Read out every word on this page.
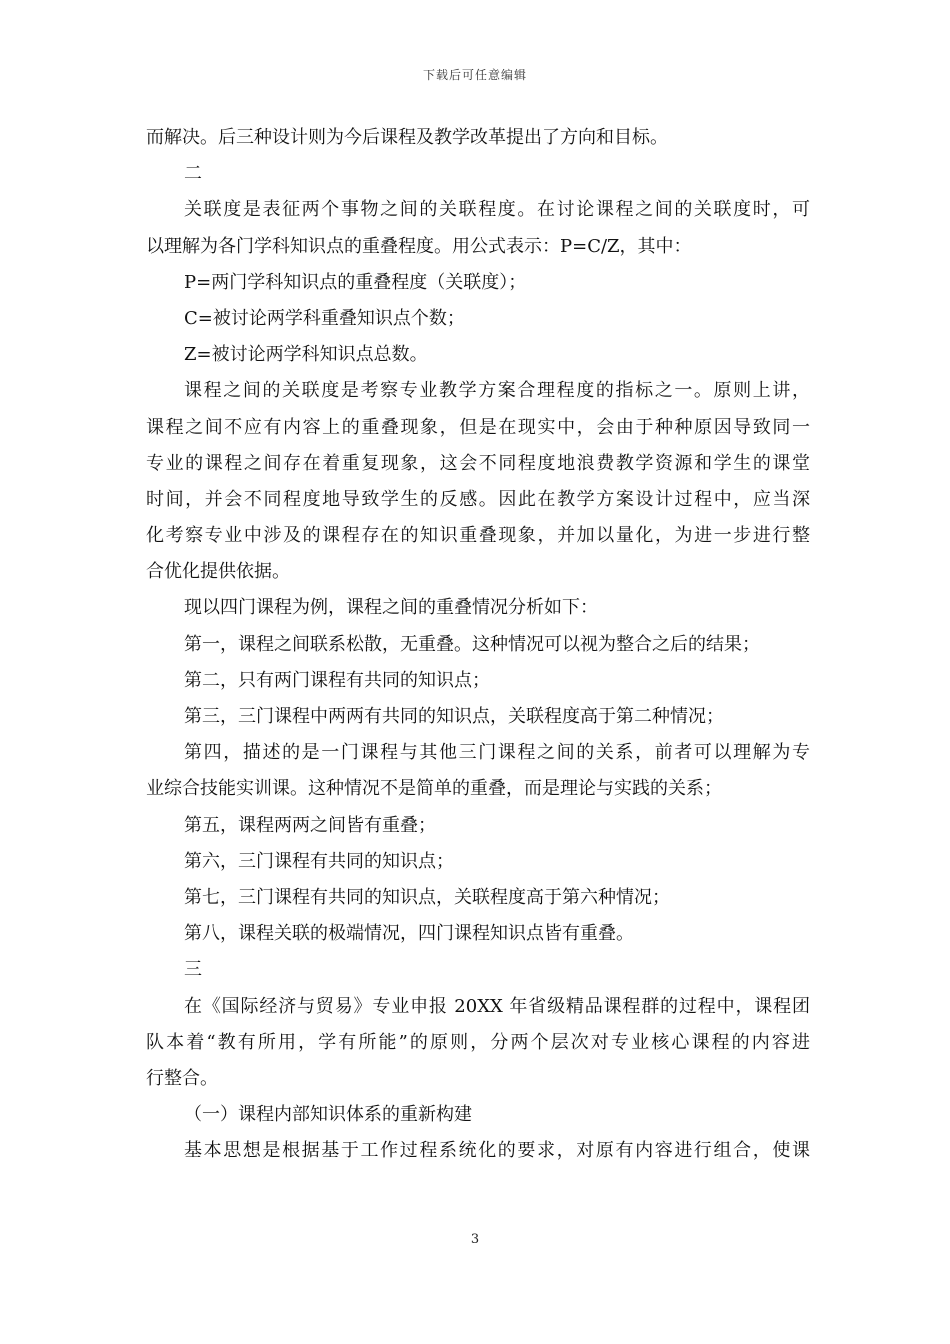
下载后可任意编辑
而解决。后三种设计则为今后课程及教学改革提出了方向和目标。
二
关联度是表征两个事物之间的关联程度。在讨论课程之间的关联度时，可
以理解为各门学科知识点的重叠程度。用公式表示：P=C/Z，其中：
P=两门学科知识点的重叠程度（关联度）；
C=被讨论两学科重叠知识点个数；
Z=被讨论两学科知识点总数。
课程之间的关联度是考察专业教学方案合理程度的指标之一。原则上讲，
课程之间不应有内容上的重叠现象，但是在现实中，会由于种种原因导致同一
专业的课程之间存在着重复现象，这会不同程度地浪费教学资源和学生的课堂
时间，并会不同程度地导致学生的反感。因此在教学方案设计过程中，应当深
化考察专业中涉及的课程存在的知识重叠现象，并加以量化，为进一步进行整
合优化提供依据。
现以四门课程为例，课程之间的重叠情况分析如下：
第一，课程之间联系松散，无重叠。这种情况可以视为整合之后的结果；
第二，只有两门课程有共同的知识点；
第三，三门课程中两两有共同的知识点，关联程度高于第二种情况；
第四，描述的是一门课程与其他三门课程之间的关系，前者可以理解为专
业综合技能实训课。这种情况不是简单的重叠，而是理论与实践的关系；
第五，课程两两之间皆有重叠；
第六，三门课程有共同的知识点；
第七，三门课程有共同的知识点，关联程度高于第六种情况；
第八，课程关联的极端情况，四门课程知识点皆有重叠。
三
在《国际经济与贸易》专业申报 20XX 年省级精品课程群的过程中，课程团
队本着“教有所用，学有所能”的原则，分两个层次对专业核心课程的内容进
行整合。
（一）课程内部知识体系的重新构建
基本思想是根据基于工作过程系统化的要求，对原有内容进行组合，使课
3
